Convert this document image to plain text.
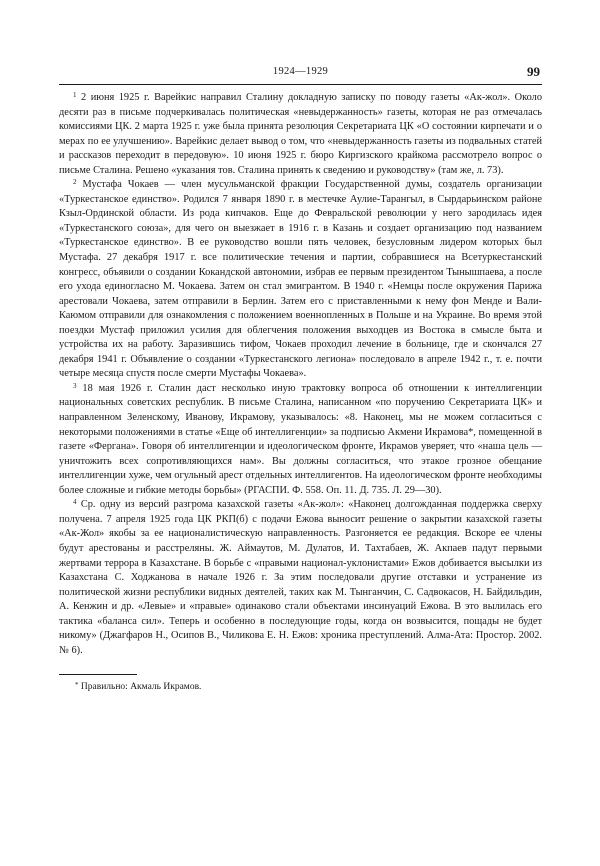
1924—1929	99

$^1$ 2 июня 1925 г. Варейкис направил Сталину докладную записку по поводу газеты «Ак-жол». Около десяти раз в письме подчеркивалась политическая «невыдержанность» газеты, которая не раз отмечалась комиссиями ЦК. 2 марта 1925 г. уже была принята резолюция Секретариата ЦК «О состоянии кирпечати и о мерах по ее улучшению». Варейкис делает вывод о том, что «невыдержанность газеты из подвальных статей и рассказов переходит в передовую». 10 июня 1925 г. бюро Киргизского крайкома рассмотрело вопрос о письме Сталина. Решено «указания тов. Сталина принять к сведению и руководству» (там же, л. 73).

$^2$ Мустафа Чокаев — член мусульманской фракции Государственной думы, создатель организации «Туркестанское единство». Родился 7 января 1890 г. в местечке Аулие-Тарангыл, в Сырдарьинском районе Кзыл-Ординской области. Из рода кипчаков. Еще до Февральской революции у него зародилась идея «Туркестанского союза», для чего он выезжает в 1916 г. в Казань и создает организацию под названием «Туркестанское единство». В ее руководство вошли пять человек, безусловным лидером которых был Мустафа. 27 декабря 1917 г. все политические течения и партии, собравшиеся на Всетуркестанский конгресс, объявили о создании Кокандской автономии, избрав ее первым президентом Тынышпаева, а после его ухода единогласно М. Чокаева. Затем он стал эмигрантом. В 1940 г. «Немцы после окружения Парижа арестовали Чокаева, затем отправили в Берлин. Затем его с приставленными к нему фон Менде и Вали-Каюмом отправили для ознакомления с положением военнопленных в Польше и на Украине. Во время этой поездки Мустаф приложил усилия для облегчения положения выходцев из Востока в смысле быта и устройства их на работу. Заразившись тифом, Чокаев проходил лечение в больнице, где и скончался 27 декабря 1941 г. Объявление о создании «Туркестанского легиона» последовало в апреле 1942 г., т. е. почти четыре месяца спустя после смерти Мустафы Чокаева».

$^3$ 18 мая 1926 г. Сталин даст несколько иную трактовку вопроса об отношении к интеллигенции национальных советских республик. В письме Сталина, написанном «по поручению Секретариата ЦК» и направленном Зеленскому, Иванову, Икрамову, указывалось: «8. Наконец, мы не можем согласиться с некоторыми положениями в статье «Еще об интеллигенции» за подписью Акмени Икрамова*, помещенной в газете «Фергана». Говоря об интеллигенции и идеологическом фронте, Икрамов уверяет, что «наша цель — уничтожить всех сопротивляющихся нам». Вы должны согласиться, что этакое грозное обещание интеллигенции хуже, чем огульный арест отдельных интеллигентов. На идеологическом фронте необходимы более сложные и гибкие методы борьбы» (РГАСПИ. Ф. 558. Оп. 11. Д. 735. Л. 29—30).

$^4$ Ср. одну из версий разгрома казахской газеты «Ак-жол»: «Наконец долгожданная поддержка сверху получена. 7 апреля 1925 года ЦК РКП(б) с подачи Ежова выносит решение о закрытии казахской газеты «Ак-Жол» якобы за ее националистическую направленность. Разгоняется ее редакция. Вскоре ее члены будут арестованы и расстреляны. Ж. Аймаутов, М. Дулатов, И. Тахтабаев, Ж. Акпаев падут первыми жертвами террора в Казахстане. В борьбе с «правыми национал-уклонистами» Ежов добивается высылки из Казахстана С. Ходжанова в начале 1926 г. За этим последовали другие отставки и устранение из политической жизни республики видных деятелей, таких как М. Тынганчин, С. Садвокасов, Н. Байдильдин, А. Кенжин и др. «Левые» и «правые» одинаково стали объектами инсинуаций Ежова. В это вылилась его тактика «баланса сил». Теперь и особенно в последующие годы, когда он возвысится, пощады не будет никому» (Джагфаров Н., Осипов В., Чиликова Е. Н. Ежов: хроника преступлений. Алма-Ата: Простор. 2002. № 6).

* Правильно: Акмаль Икрамов.
